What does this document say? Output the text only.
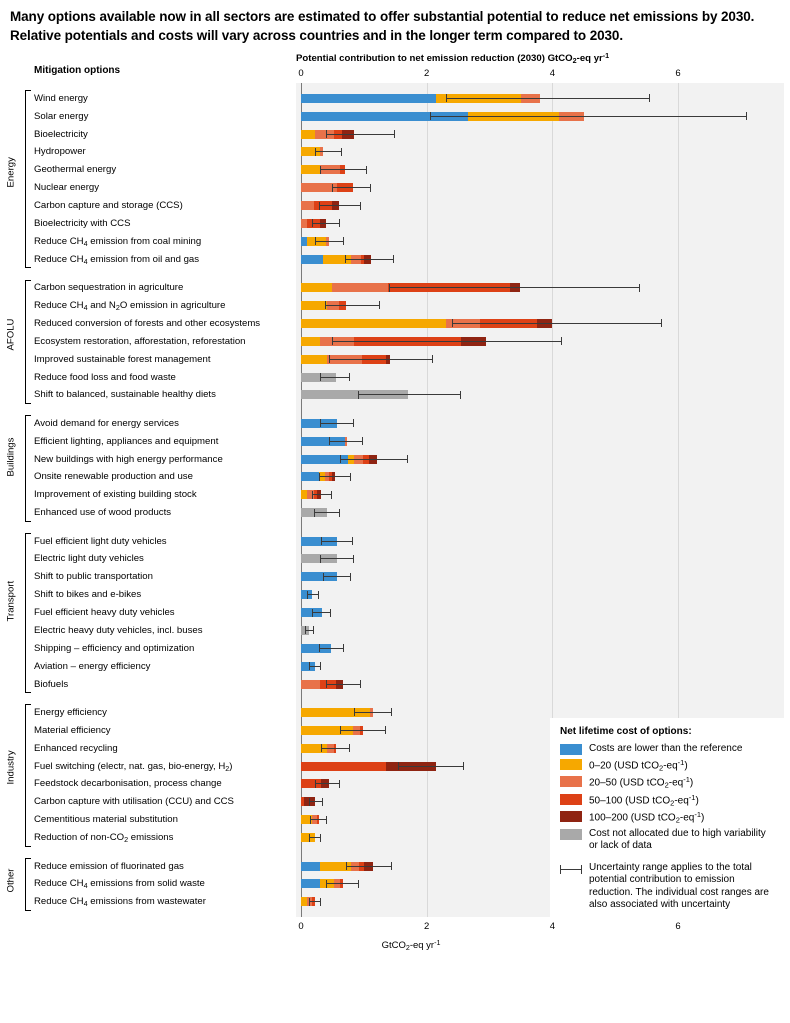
Many options available now in all sectors are estimated to offer substantial potential to reduce net emissions by 2030. Relative potentials and costs will vary across countries and in the longer term compared to 2030.
Potential contribution to net emission reduction (2030) GtCO$_2$-eq $yr^{-1}$
Mitigation options
Wind energy
Solar energy
Bioelectricity
Hydropower
Geothermal energy
Nuclear energy
Carbon capture and storage (CCS)
Bioelectricity with CCS
Reduce $CH_4$ emission from coal mining
Reduce $CH_4$ emission from oil and gas
Energy
Carbon sequestration in agriculture
Reduce $CH_4$ and $N_2O$ emission in agriculture
Reduced conversion of forests and other ecosystems
Ecosystem restoration, afforestation, reforestation
Improved sustainable forest management
Reduce food loss and food waste
Shift to balanced, sustainable healthy diets
AFOLU
Avoid demand for energy services
Efficient lighting, appliances and equipment
New buildings with high energy performance
Onsite renewable production and use
Improvement of existing building stock
Enhanced use of wood products
Buildings
Fuel efficient light duty vehicles
Electric light duty vehicles
Shift to public transportation
Shift to bikes and e-bikes
Fuel efficient heavy duty vehicles
Electric heavy duty vehicles, incl. buses
Shipping – efficiency and optimization
Aviation – energy efficiency
Biofuels
Transport
Energy efficiency
Material efficiency
Enhanced recycling
Fuel switching (electr, nat. gas, bio-energy, $H_2$)
Feedstock decarbonisation, process change
Carbon capture with utilisation (CCU) and CCS
Cementitious material substitution
Reduction of non-$CO_2$ emissions
Industry
Reduce emission of fluorinated gas
Reduce $CH_4$ emissions from solid waste
Reduce $CH_4$ emissions from wastewater
Other
0	2	4	6
GtCO$_2$-eq $yr^{-1}$
0	2	4	6
Net lifetime cost of options:
Costs are lower than the reference
0–20 (USD $tCO_2-eq^{-1}$)
20–50 (USD $tCO_2-eq^{-1}$)
50–100 (USD $tCO_2-eq^{-1}$)
100–200 (USD $tCO_2-eq^{-1}$)
Cost not allocated due to high variability or lack of data
Uncertainty range applies to the total potential contribution to emission reduction. The individual cost ranges are also associated with uncertainty
